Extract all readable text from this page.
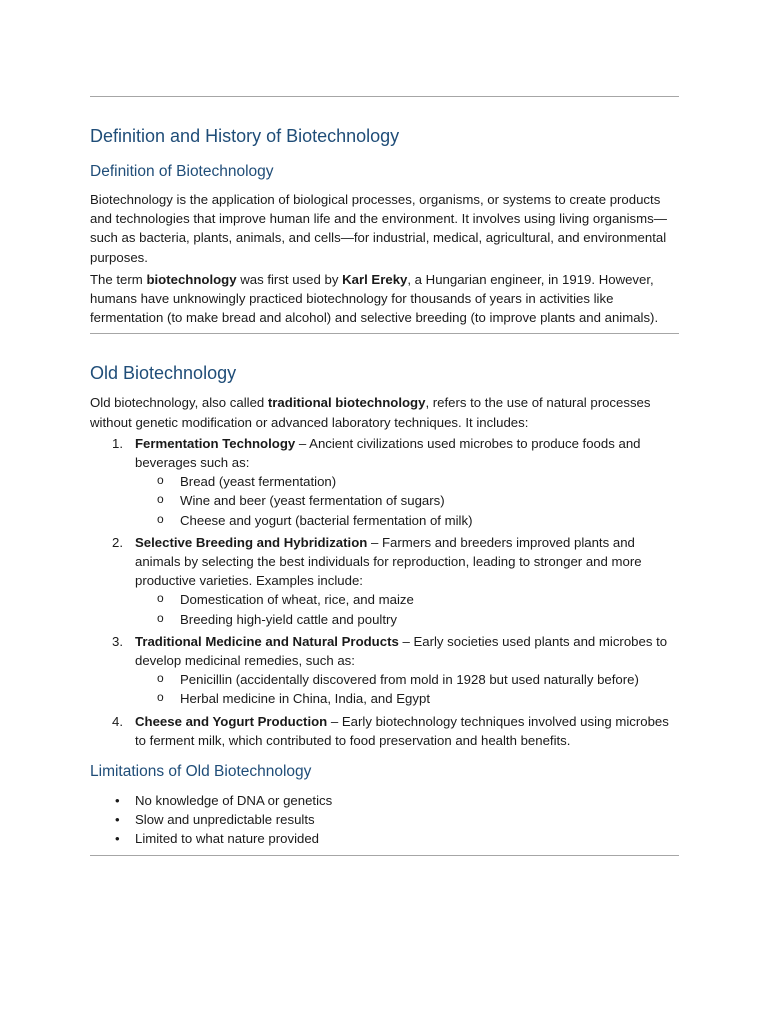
Definition and History of Biotechnology
Definition of Biotechnology

Biotechnology is the application of biological processes, organisms, or systems to create products and technologies that improve human life and the environment. It involves using living organisms—such as bacteria, plants, animals, and cells—for industrial, medical, agricultural, and environmental purposes.

The term biotechnology was first used by Karl Ereky, a Hungarian engineer, in 1919. However, humans have unknowingly practiced biotechnology for thousands of years in activities like fermentation (to make bread and alcohol) and selective breeding (to improve plants and animals).

Old Biotechnology

Old biotechnology, also called traditional biotechnology, refers to the use of natural processes without genetic modification or advanced laboratory techniques. It includes:

1. Fermentation Technology – Ancient civilizations used microbes to produce foods and beverages such as:
o Bread (yeast fermentation)
o Wine and beer (yeast fermentation of sugars)
o Cheese and yogurt (bacterial fermentation of milk)
2. Selective Breeding and Hybridization – Farmers and breeders improved plants and animals by selecting the best individuals for reproduction, leading to stronger and more productive varieties. Examples include:
o Domestication of wheat, rice, and maize
o Breeding high-yield cattle and poultry
3. Traditional Medicine and Natural Products – Early societies used plants and microbes to develop medicinal remedies, such as:
o Penicillin (accidentally discovered from mold in 1928 but used naturally before)
o Herbal medicine in China, India, and Egypt
4. Cheese and Yogurt Production – Early biotechnology techniques involved using microbes to ferment milk, which contributed to food preservation and health benefits.
Limitations of Old Biotechnology
• No knowledge of DNA or genetics
• Slow and unpredictable results
• Limited to what nature provided
